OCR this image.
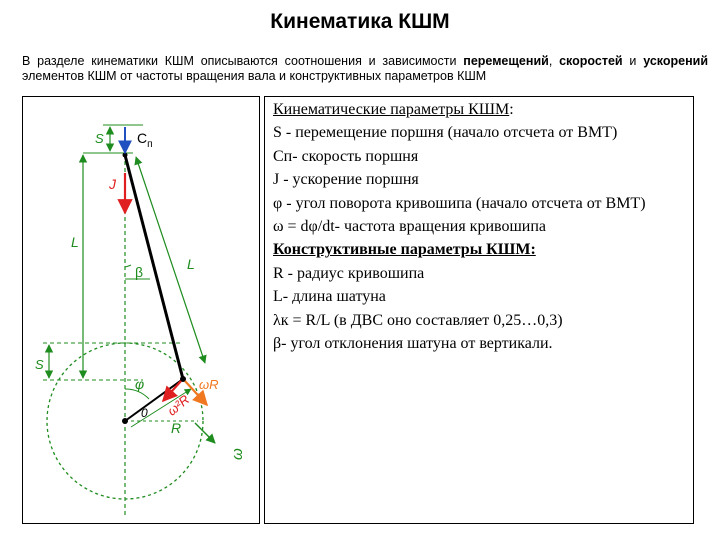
Кинематика КШМ
В разделе кинематики КШМ описываются соотношения и зависимости перемещений, скоростей и ускорений элементов КШМ от частоты вращения вала и конструктивных параметров КШМ
S
L
S
L
β
φ
0
R
$C_п$
J
ω²R
ωR
ω

Кинематические параметры КШМ:

S - перемещение поршня (начало отсчета от ВМТ)

Cп- скорость поршня

J - ускорение поршня

φ - угол поворота кривошипа (начало отсчета от ВМТ)

ω = dφ/dt- частота вращения кривошипа

Конструктивные параметры КШМ:

R - радиус кривошипа

L- длина шатуна

λк = R/L (в ДВС оно составляет 0,25…0,3)

β- угол отклонения шатуна от вертикали.
